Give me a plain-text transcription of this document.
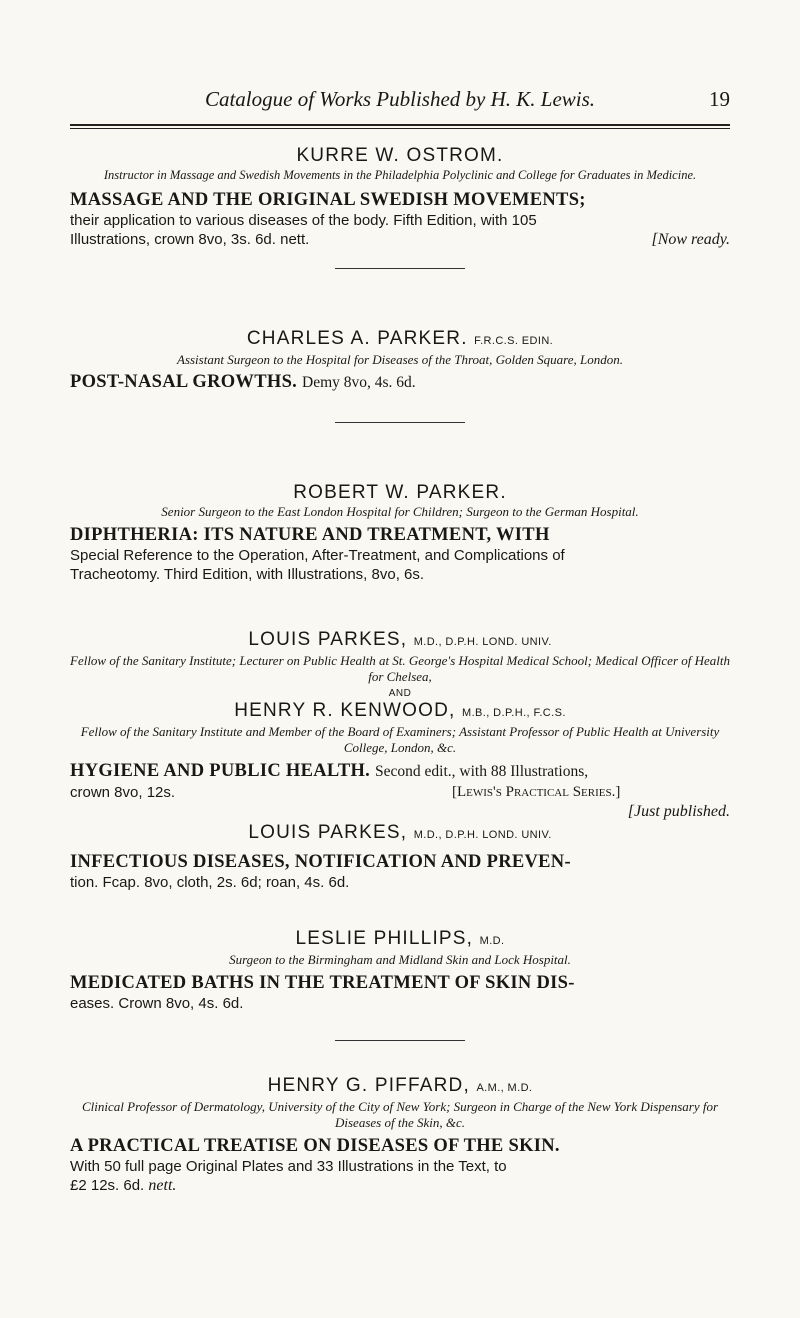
Catalogue of Works Published by H. K. Lewis.	19
KURRE W. OSTROM.
Instructor in Massage and Swedish Movements in the Philadelphia Polyclinic and College for Graduates in Medicine.
MASSAGE AND THE ORIGINAL SWEDISH MOVEMENTS;
their application to various diseases of the body. Fifth Edition, with 105
Illustrations, crown 8vo, 3s. 6d. nett.	[Now ready.
CHARLES A. PARKER. F.R.C.S. EDIN.
Assistant Surgeon to the Hospital for Diseases of the Throat, Golden Square, London.
POST-NASAL GROWTHS. Demy 8vo, 4s. 6d.
ROBERT W. PARKER.
Senior Surgeon to the East London Hospital for Children; Surgeon to the German Hospital.
DIPHTHERIA: ITS NATURE AND TREATMENT, WITH
Special Reference to the Operation, After-Treatment, and Complications of
Tracheotomy. Third Edition, with Illustrations, 8vo, 6s.
LOUIS PARKES, M.D., D.P.H. LOND. UNIV.
Fellow of the Sanitary Institute; Lecturer on Public Health at St. George's Hospital Medical School; Medical Officer of Health for Chelsea,
AND
HENRY R. KENWOOD, M.B., D.P.H., F.C.S.
Fellow of the Sanitary Institute and Member of the Board of Examiners; Assistant Professor of Public Health at University College, London, &c.
HYGIENE AND PUBLIC HEALTH. Second edit., with 88 Illustrations,
crown 8vo, 12s.	[Lewis's Practical Series.]
[Just published.
LOUIS PARKES, M.D., D.P.H. LOND. UNIV.
INFECTIOUS DISEASES, NOTIFICATION AND PREVEN-
tion. Fcap. 8vo, cloth, 2s. 6d; roan, 4s. 6d.
LESLIE PHILLIPS, M.D.
Surgeon to the Birmingham and Midland Skin and Lock Hospital.
MEDICATED BATHS IN THE TREATMENT OF SKIN DIS-
eases. Crown 8vo, 4s. 6d.
HENRY G. PIFFARD, A.M., M.D.
Clinical Professor of Dermatology, University of the City of New York; Surgeon in Charge of the New York Dispensary for Diseases of the Skin, &c.
A PRACTICAL TREATISE ON DISEASES OF THE SKIN.
With 50 full page Original Plates and 33 Illustrations in the Text, to
£2 12s. 6d. nett.
